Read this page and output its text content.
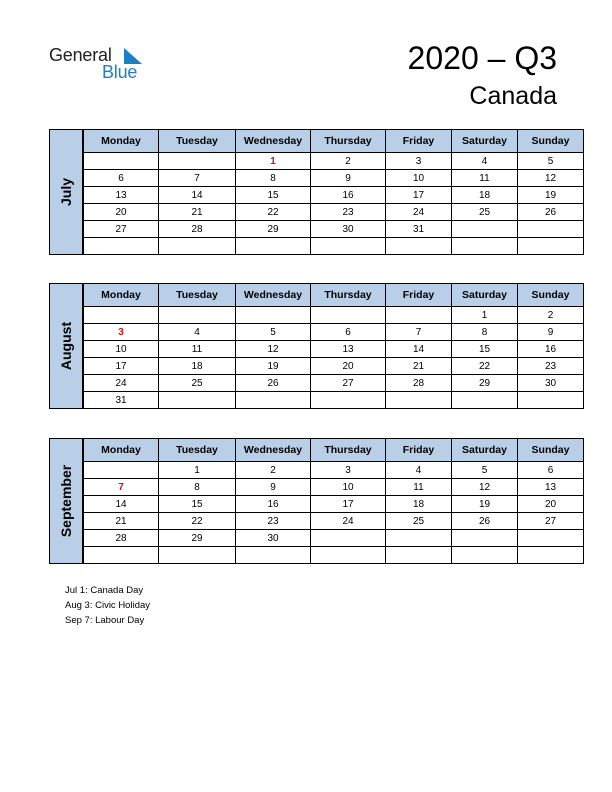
General
Blue	2020 – Q3
Canada
Monday	Tuesday	Wednesday	Thursday	Friday	Saturday	Sunday
		1	2	3	4	5
6	7	8	9	10	11	12
13	14	15	16	17	18	19
20	21	22	23	24	25	26
27	28	29	30	31		

July
Monday	Tuesday	Wednesday	Thursday	Friday	Saturday	Sunday
					1	2
3	4	5	6	7	8	9
10	11	12	13	14	15	16
17	18	19	20	21	22	23
24	25	26	27	28	29	30
31						
August
Monday	Tuesday	Wednesday	Thursday	Friday	Saturday	Sunday
	1	2	3	4	5	6
7	8	9	10	11	12	13
14	15	16	17	18	19	20
21	22	23	24	25	26	27
28	29	30				

September
Jul 1: Canada Day
Aug 3: Civic Holiday
Sep 7: Labour Day
